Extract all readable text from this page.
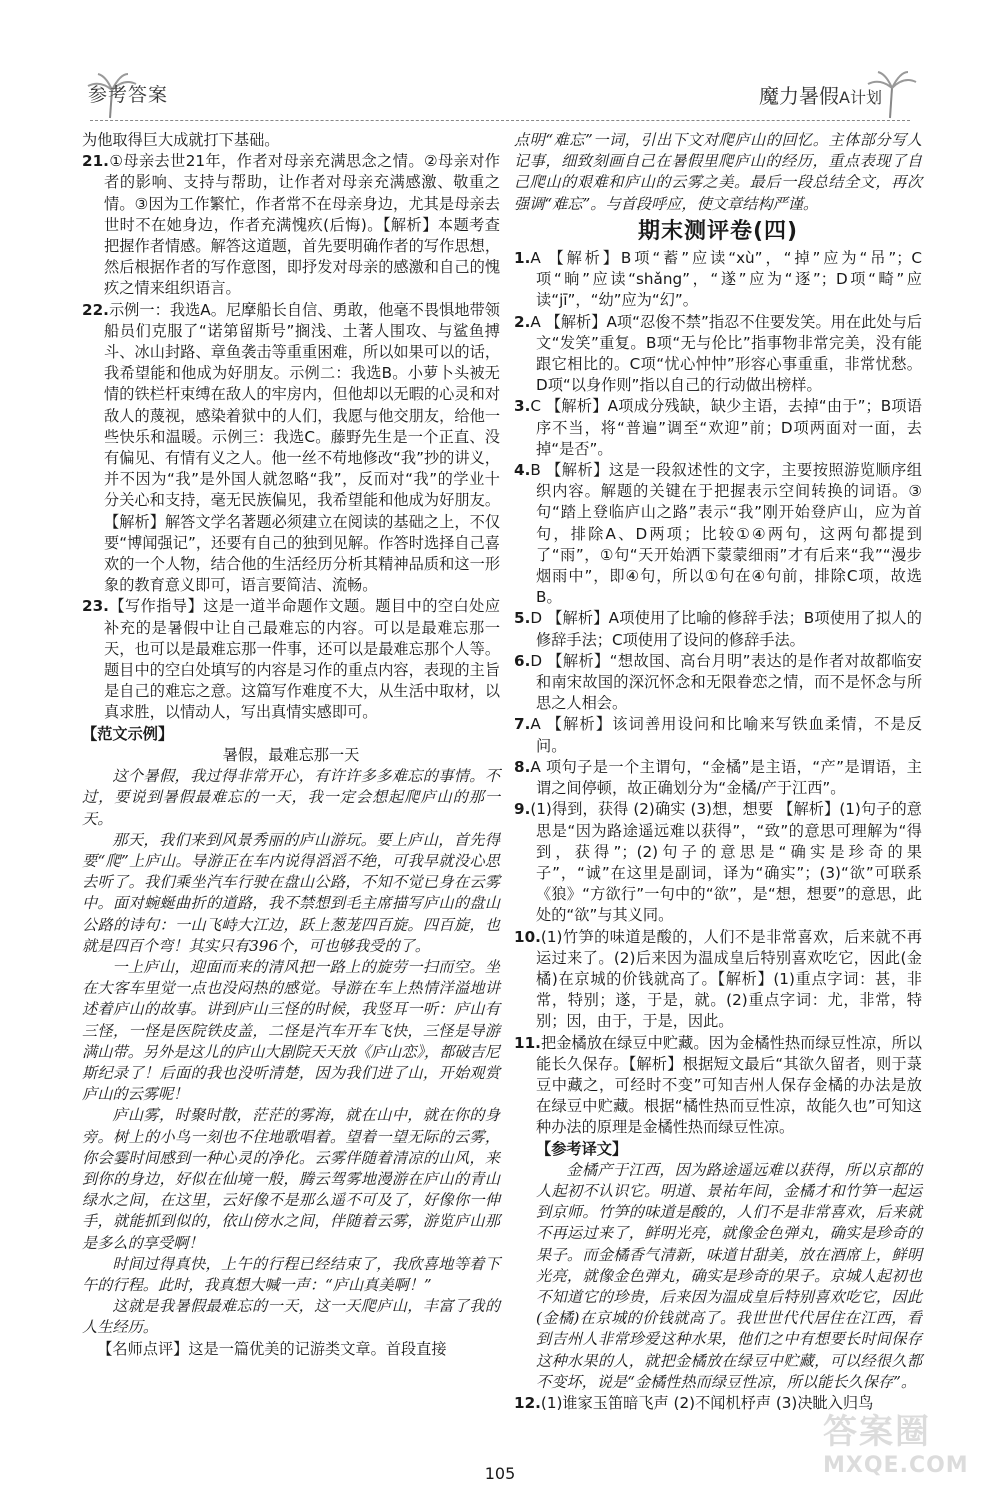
参考答案	魔力暑假A计划

为他取得巨大成就打下基础。

21.①母亲去世21年，作者对母亲充满思念之情。②母亲对作者的影响、支持与帮助，让作者对母亲充满感激、敬重之情。③因为工作繁忙，作者常不在母亲身边，尤其是母亲去世时不在她身边，作者充满愧疚(后悔)。【解析】本题考查把握作者情感。解答这道题，首先要明确作者的写作思想，然后根据作者的写作意图，即抒发对母亲的感激和自己的愧疚之情来组织语言。

22.示例一：我选A。尼摩船长自信、勇敢，他毫不畏惧地带领船员们克服了“诺第留斯号”搁浅、土著人围攻、与鲨鱼搏斗、冰山封路、章鱼袭击等重重困难，所以如果可以的话，我希望能和他成为好朋友。示例二：我选B。小萝卜头被无情的铁栏杆束缚在敌人的牢房内，但他却以无暇的心灵和对敌人的蔑视，感染着狱中的人们，我愿与他交朋友，给他一些快乐和温暖。示例三：我选C。藤野先生是一个正直、没有偏见、有情有义之人。他一丝不苟地修改“我”抄的讲义，并不因为“我”是外国人就忽略“我”，反而对“我”的学业十分关心和支持，毫无民族偏见，我希望能和他成为好朋友。【解析】解答文学名著题必须建立在阅读的基础之上，不仅要“博闻强记”，还要有自己的独到见解。作答时选择自己喜欢的一个人物，结合他的生活经历分析其精神品质和这一形象的教育意义即可，语言要简洁、流畅。

23.【写作指导】这是一道半命题作文题。题目中的空白处应补充的是暑假中让自己最难忘的内容。可以是最难忘那一天，也可以是最难忘那一件事，还可以是最难忘那个人等。题目中的空白处填写的内容是习作的重点内容，表现的主旨是自己的难忘之意。这篇写作难度不大，从生活中取材，以真求胜，以情动人，写出真情实感即可。

【范文示例】

暑假，最难忘那一天

这个暑假，我过得非常开心，有许许多多难忘的事情。不过，要说到暑假最难忘的一天，我一定会想起爬庐山的那一天。

那天，我们来到风景秀丽的庐山游玩。要上庐山，首先得要“爬”上庐山。导游正在车内说得滔滔不绝，可我早就没心思去听了。我们乘坐汽车行驶在盘山公路，不知不觉已身在云雾中。面对蜿蜒曲折的道路，我不禁想到毛主席描写庐山的盘山公路的诗句：一山飞峙大江边，跃上葱茏四百旋。四百旋，也就是四百个弯！其实只有396个，可也够我受的了。

一上庐山，迎面而来的清风把一路上的旋劳一扫而空。坐在大客车里觉一点也没闷热的感觉。导游在车上热情洋溢地讲述着庐山的故事。讲到庐山三怪的时候，我竖耳一听：庐山有三怪，一怪是医院铁皮盖，二怪是汽车开车飞快，三怪是导游满山带。另外是这儿的庐山大剧院天天放《庐山恋》，都破吉尼斯纪录了！后面的我也没听清楚，因为我们进了山，开始观赏庐山的云雾呢！

庐山雾，时聚时散，茫茫的雾海，就在山中，就在你的身旁。树上的小鸟一刻也不住地歌唱着。望着一望无际的云雾，你会霎时间感到一种心灵的净化。云雾伴随着清凉的山风，来到你的身边，好似在仙境一般，腾云驾雾地漫游在庐山的青山绿水之间，在这里，云好像不是那么遥不可及了，好像你一伸手，就能抓到似的，依山傍水之间，伴随着云雾，游览庐山那是多么的享受啊！

时间过得真快，上午的行程已经结束了，我欣喜地等着下午的行程。此时，我真想大喊一声：“庐山真美啊！”

这就是我暑假最难忘的一天，这一天爬庐山，丰富了我的人生经历。

【名师点评】这是一篇优美的记游类文章。首段直接

点明“难忘”一词，引出下文对爬庐山的回忆。主体部分写人记事，细致刻画自己在暑假里爬庐山的经历，重点表现了自己爬山的艰难和庐山的云雾之美。最后一段总结全文，再次强调“难忘”。与首段呼应，使文章结构严谨。

期末测评卷(四)

1.A 【解析】B项“蓄”应读“xù”，“掉”应为“吊”；C项“晌”应读“shǎng”，“遂”应为“逐”；D项“畸”应读“jī”，“幼”应为“幻”。

2.A 【解析】A项“忍俊不禁”指忍不住要发笑。用在此处与后文“发笑”重复。B项“无与伦比”指事物非常完美，没有能跟它相比的。C项“忧心忡忡”形容心事重重，非常忧愁。D项“以身作则”指以自己的行动做出榜样。

3.C 【解析】A项成分残缺，缺少主语，去掉“由于”；B项语序不当，将“普遍”调至“欢迎”前；D项两面对一面，去掉“是否”。

4.B 【解析】这是一段叙述性的文字，主要按照游览顺序组织内容。解题的关键在于把握表示空间转换的词语。③句“踏上登临庐山之路”表示“我”刚开始登庐山，应为首句，排除A、D两项；比较①④两句，这两句都提到了“雨”，①句“天开始洒下蒙蒙细雨”才有后来“我”“漫步烟雨中”，即④句，所以①句在④句前，排除C项，故选B。

5.D 【解析】A项使用了比喻的修辞手法；B项使用了拟人的修辞手法；C项使用了设问的修辞手法。

6.D 【解析】“想故国、高台月明”表达的是作者对故都临安和南宋故国的深沉怀念和无限眷恋之情，而不是怀念与所思之人相会。

7.A 【解析】该词善用设问和比喻来写铁血柔情，不是反问。

8.A 项句子是一个主谓句，“金橘”是主语，“产”是谓语，主谓之间停顿，故正确划分为“金橘/产于江西”。

9.(1)得到，获得 (2)确实 (3)想，想要 【解析】(1)句子的意思是“因为路途遥远难以获得”，“致”的意思可理解为“得到，获得”；(2)句子的意思是“确实是珍奇的果子”，“诚”在这里是副词，译为“确实”；(3)“欲”可联系《狼》“方欲行”一句中的“欲”，是“想，想要”的意思，此处的“欲”与其义同。

10.(1)竹笋的味道是酸的，人们不是非常喜欢，后来就不再运过来了。(2)后来因为温成皇后特别喜欢吃它，因此(金橘)在京城的价钱就高了。【解析】(1)重点字词：甚，非常，特别；遂，于是，就。(2)重点字词：尤，非常，特别；因，由于，于是，因此。

11.把金橘放在绿豆中贮藏。因为金橘性热而绿豆性凉，所以能长久保存。【解析】根据短文最后“其欲久留者，则于菉豆中藏之，可经时不变”可知吉州人保存金橘的办法是放在绿豆中贮藏。根据“橘性热而豆性凉，故能久也”可知这种办法的原理是金橘性热而绿豆性凉。

【参考译文】

金橘产于江西，因为路途遥远难以获得，所以京都的人起初不认识它。明道、景祐年间，金橘才和竹笋一起运到京师。竹笋的味道是酸的，人们不是非常喜欢，后来就不再运过来了，鲜明光亮，就像金色弹丸，确实是珍奇的果子。而金橘香气清新，味道甘甜美，放在酒席上，鲜明光亮，就像金色弹丸，确实是珍奇的果子。京城人起初也不知道它的珍贵，后来因为温成皇后特别喜欢吃它，因此(金橘)在京城的价钱就高了。我世世代代居住在江西，看到吉州人非常珍爱这种水果，他们之中有想要长时间保存这种水果的人，就把金橘放在绿豆中贮藏，可以经很久都不变坏，说是“金橘性热而绿豆性凉，所以能长久保存”。

12.(1)谁家玉笛暗飞声 (2)不闻机杼声 (3)决眦入归鸟

105
答案圈
MXQE.COM
